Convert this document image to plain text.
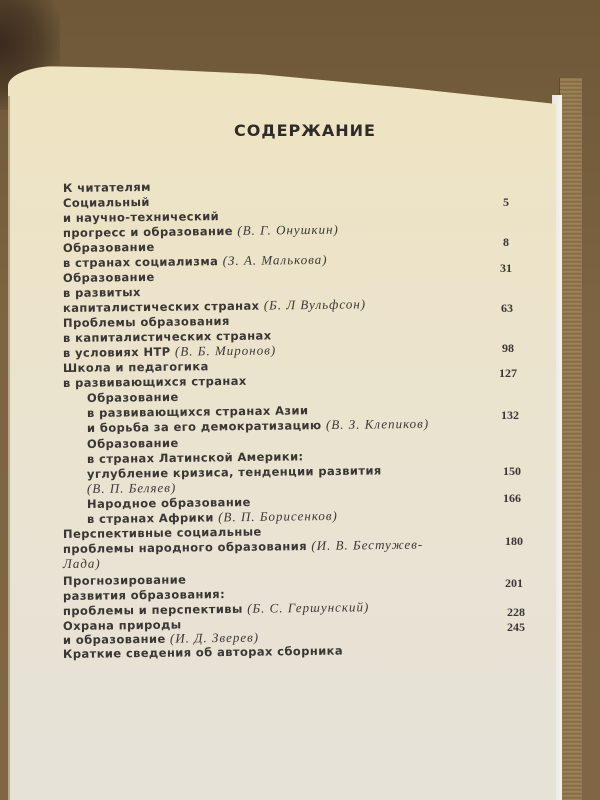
СОДЕРЖАНИЕ
К читателям
Социальный
и научно-технический
прогресс и образование (В. Г. Онушкин)
Образование
в странах социализма (З. А. Малькова)
Образование
в развитых
капиталистических странах (Б. Л Вульфсон)
Проблемы образования
в капиталистических странах
в условиях НТР (В. Б. Миронов)
Школа и педагогика
в развивающихся странах
Образование
в развивающихся странах Азии
и борьба за его демократизацию (В. З. Клепиков)
Образование
в странах Латинской Америки:
углубление кризиса, тенденции развития
(В. П. Беляев)
Народное образование
в странах Африки (В. П. Борисенков)
Перспективные социальные
проблемы народного образования (И. В. Бестужев-
Лада)
Прогнозирование
развития образования:
проблемы и перспективы (Б. С. Гершунский)
Охрана природы
и образование (И. Д. Зверев)
Краткие сведения об авторах сборника
5
8
31
63
98
127
132
150
166
180
201
228
245
